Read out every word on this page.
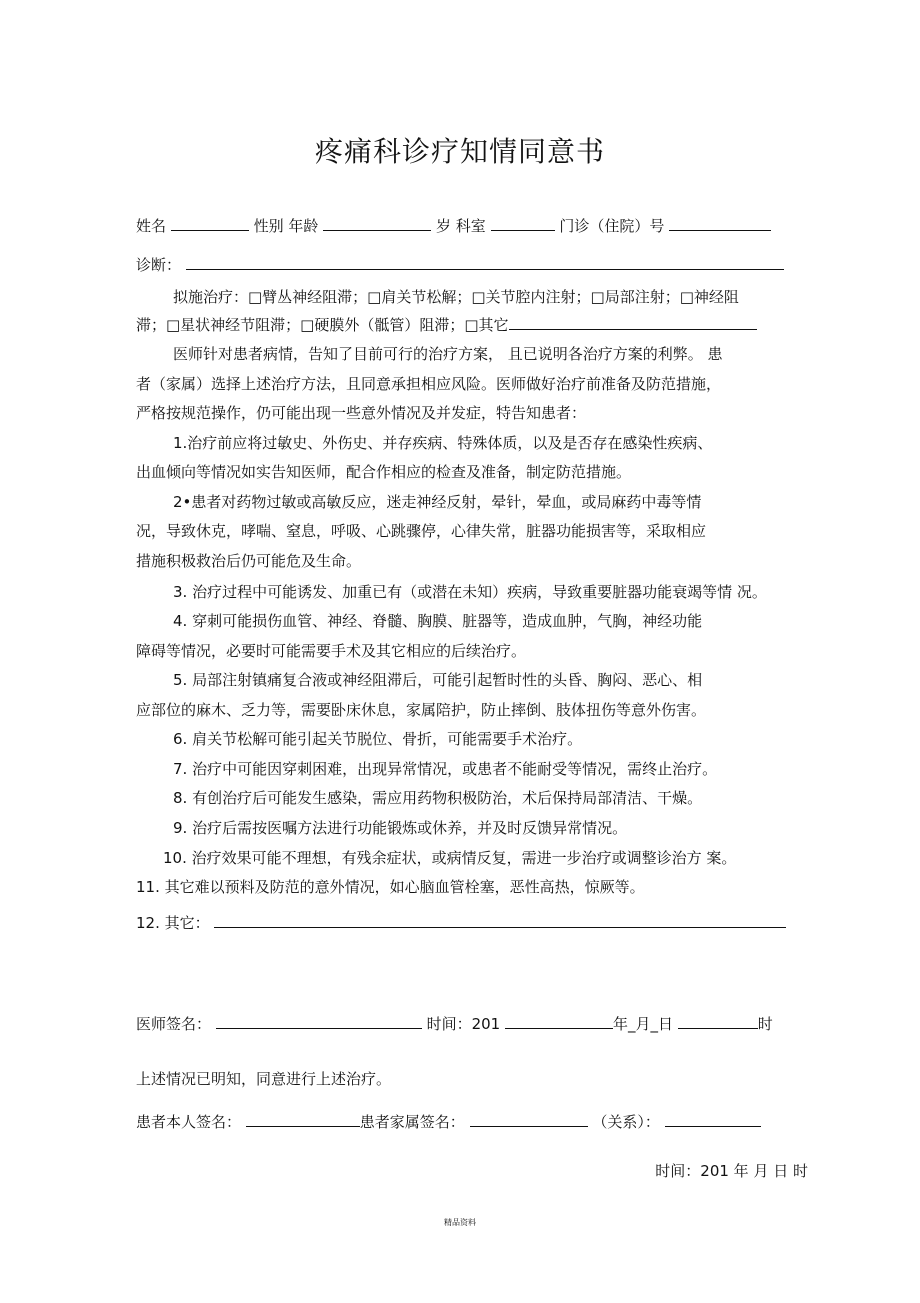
疼痛科诊疗知情同意书
姓名	性别 年龄	岁 科室	门诊（住院）号
诊断：
拟施治疗：□臂丛神经阻滞；□肩关节松解；□关节腔内注射；□局部注射；□神经阻
滞；□星状神经节阻滞；□硬膜外（骶管）阻滞；□其它
医师针对患者病情，告知了目前可行的治疗方案， 且已说明各治疗方案的利弊。 患
者（家属）选择上述治疗方法，且同意承担相应风险。医师做好治疗前准备及防范措施，
严格按规范操作，仍可能出现一些意外情况及并发症，特告知患者：
1.治疗前应将过敏史、外伤史、并存疾病、特殊体质，以及是否存在感染性疾病、
出血倾向等情况如实告知医师，配合作相应的检查及准备，制定防范措施。
2•患者对药物过敏或高敏反应，迷走神经反射，晕针，晕血，或局麻药中毒等情
况，导致休克，哮喘、窒息，呼吸、心跳骤停，心律失常，脏器功能损害等，采取相应
措施积极救治后仍可能危及生命。
3. 治疗过程中可能诱发、加重已有（或潜在未知）疾病，导致重要脏器功能衰竭等情 况。
4. 穿刺可能损伤血管、神经、脊髓、胸膜、脏器等，造成血肿，气胸，神经功能
障碍等情况，必要时可能需要手术及其它相应的后续治疗。
5. 局部注射镇痛复合液或神经阻滞后，可能引起暂时性的头昏、胸闷、恶心、相
应部位的麻木、乏力等，需要卧床休息，家属陪护，防止摔倒、肢体扭伤等意外伤害。
6. 肩关节松解可能引起关节脱位、骨折，可能需要手术治疗。
7. 治疗中可能因穿刺困难，出现异常情况，或患者不能耐受等情况，需终止治疗。
8. 有创治疗后可能发生感染，需应用药物积极防治，术后保持局部清洁、干燥。
9. 治疗后需按医嘱方法进行功能锻炼或休养，并及时反馈异常情况。
10. 治疗效果可能不理想，有残余症状，或病情反复，需进一步治疗或调整诊治方 案。
11. 其它难以预料及防范的意外情况，如心脑血管栓塞，恶性高热，惊厥等。
12. 其它：
医师签名：	时间：201	年_月_日	时
上述情况已明知，同意进行上述治疗。
患者本人签名：	患者家属签名：	（关系）：
时间：201 年 月 日 时
精品资料
